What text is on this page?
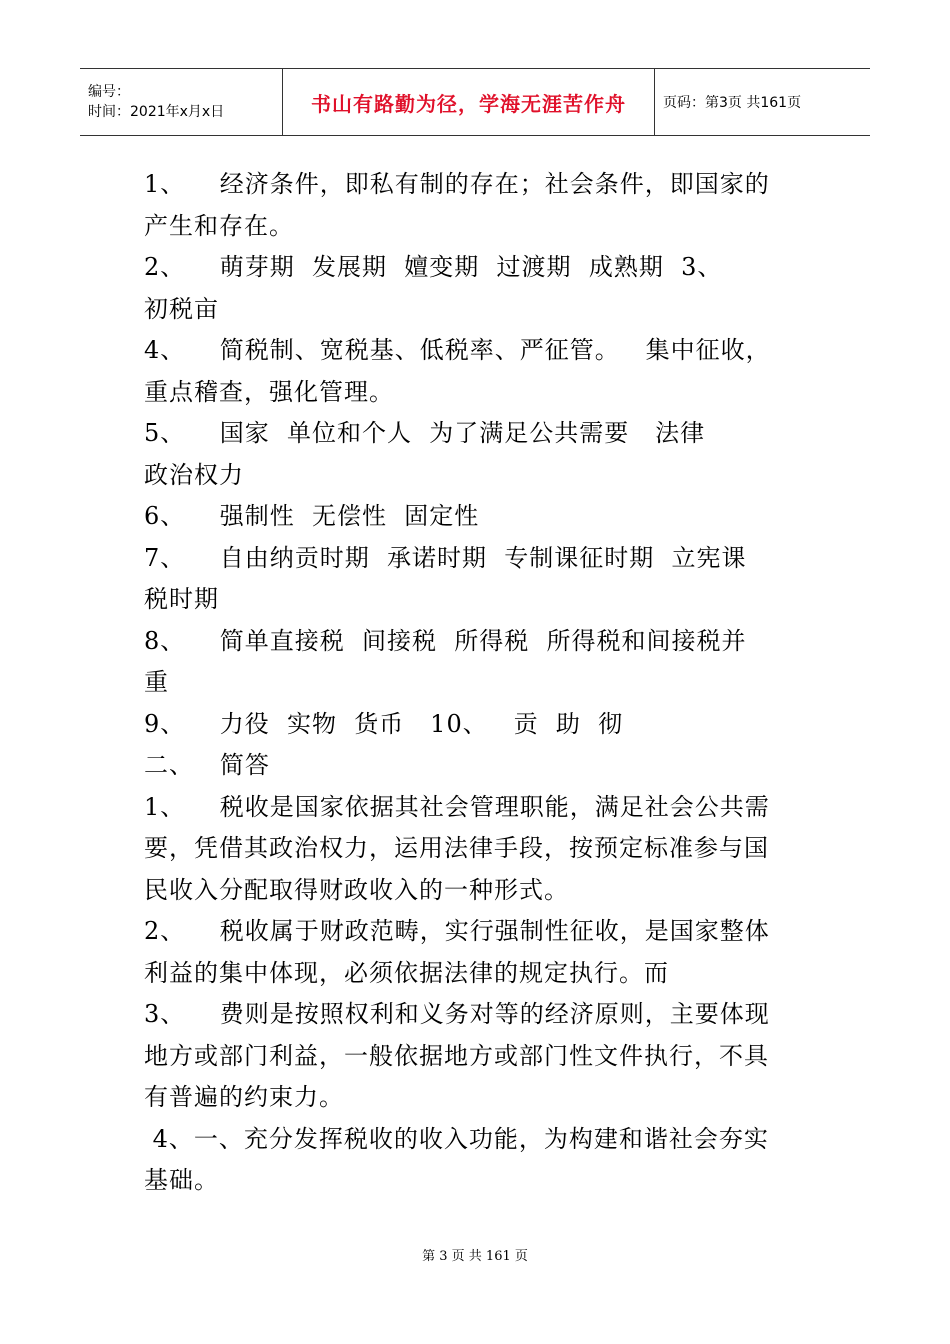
编号：
时间：2021年x月x日	书山有路勤为径，学海无涯苦作舟	页码：第3页 共161页
1、    经济条件，即私有制的存在；社会条件，即国家的
产生和存在。
2、    萌芽期  发展期  嬗变期  过渡期  成熟期  3、
初税亩
4、    简税制、宽税基、低税率、严征管。   集中征收，
重点稽查，强化管理。
5、    国家  单位和个人  为了满足公共需要   法律
政治权力
6、    强制性  无偿性  固定性
7、    自由纳贡时期  承诺时期  专制课征时期  立宪课
税时期
8、    简单直接税  间接税  所得税  所得税和间接税并
重
9、    力役  实物  货币   10、   贡  助  彻
二、   简答
1、    税收是国家依据其社会管理职能，满足社会公共需
要，凭借其政治权力，运用法律手段，按预定标准参与国
民收入分配取得财政收入的一种形式。
2、    税收属于财政范畴，实行强制性征收，是国家整体
利益的集中体现，必须依据法律的规定执行。而
3、    费则是按照权利和义务对等的经济原则，主要体现
地方或部门利益，一般依据地方或部门性文件执行，不具
有普遍的约束力。
4、一、充分发挥税收的收入功能，为构建和谐社会夯实
基础。
第 3 页 共 161 页
